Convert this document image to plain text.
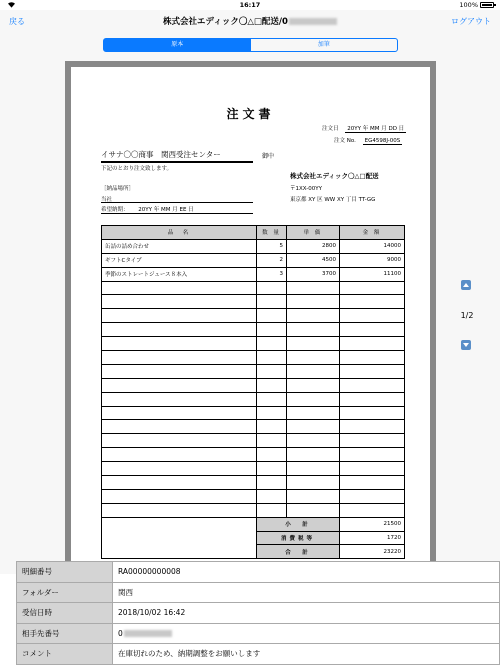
16:17	100%
戻る	株式会社エディック〇△□配送/0	ログアウト
原本	加筆
注文書
注文日 20YY 年 MM 月 DD 日
注文 No. EG4598J-00S
イサナ〇〇商事　関西受注センター	御中
下記のとおり注文致します。
株式会社エディック〇△□配送
〒1XX-00YY
東京都 XY 区 WW XY 丁目 TT-GG
［納品場所］
当社
希望納期： 20YY 年 MM 月 EE 日
品　名	数 量	単 価	金 額
缶詰の詰め合わせ	5	2800	14000
ギフトCタイプ	2	4500	9000
季節のストレートジュース８本入	3	3700	11100

	小　計		21500
	消費税等		1720
	合　計		23220
1/2
明細番号	RA00000000008
フォルダー	関西
受信日時	2018/10/02 16:42
相手先番号	0
コメント	在庫切れのため、納期調整をお願いします
